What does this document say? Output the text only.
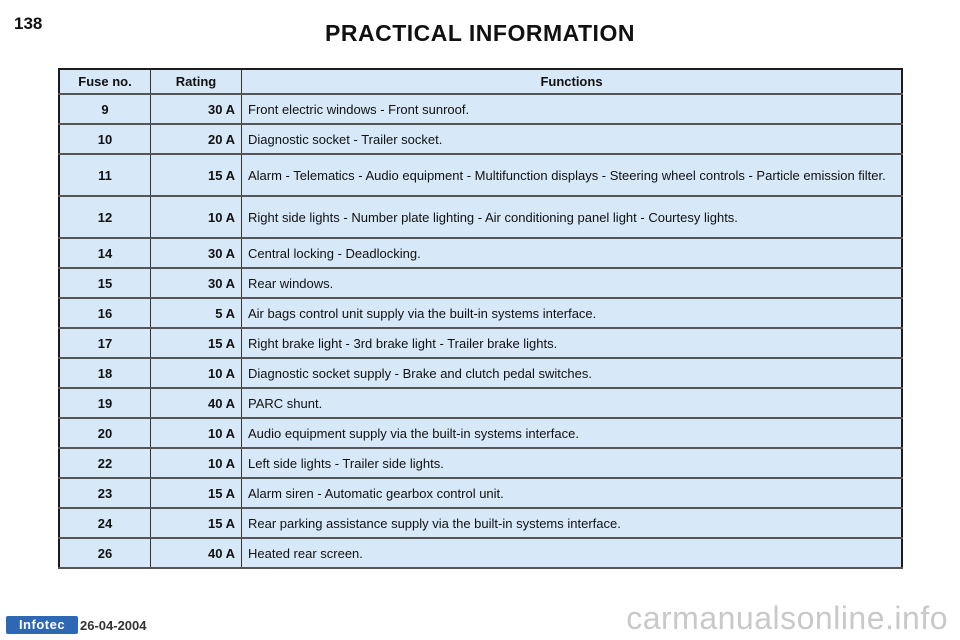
138	PRACTICAL INFORMATION
Fuse no.	Rating	Functions
9	30 A	Front electric windows - Front sunroof.
10	20 A	Diagnostic socket - Trailer socket.
11	15 A	Alarm - Telematics - Audio equipment - Multifunction displays - Steering wheel controls - Particle emission filter.
12	10 A	Right side lights - Number plate lighting - Air conditioning panel light - Courtesy lights.
14	30 A	Central locking - Deadlocking.
15	30 A	Rear windows.
16	5 A	Air bags control unit supply via the built-in systems interface.
17	15 A	Right brake light - 3rd brake light - Trailer brake lights.
18	10 A	Diagnostic socket supply - Brake and clutch pedal switches.
19	40 A	PARC shunt.
20	10 A	Audio equipment supply via the built-in systems interface.
22	10 A	Left side lights - Trailer side lights.
23	15 A	Alarm siren - Automatic gearbox control unit.
24	15 A	Rear parking assistance supply via the built-in systems interface.
26	40 A	Heated rear screen.
Infotec	26-04-2004	carmanualsonline.info
